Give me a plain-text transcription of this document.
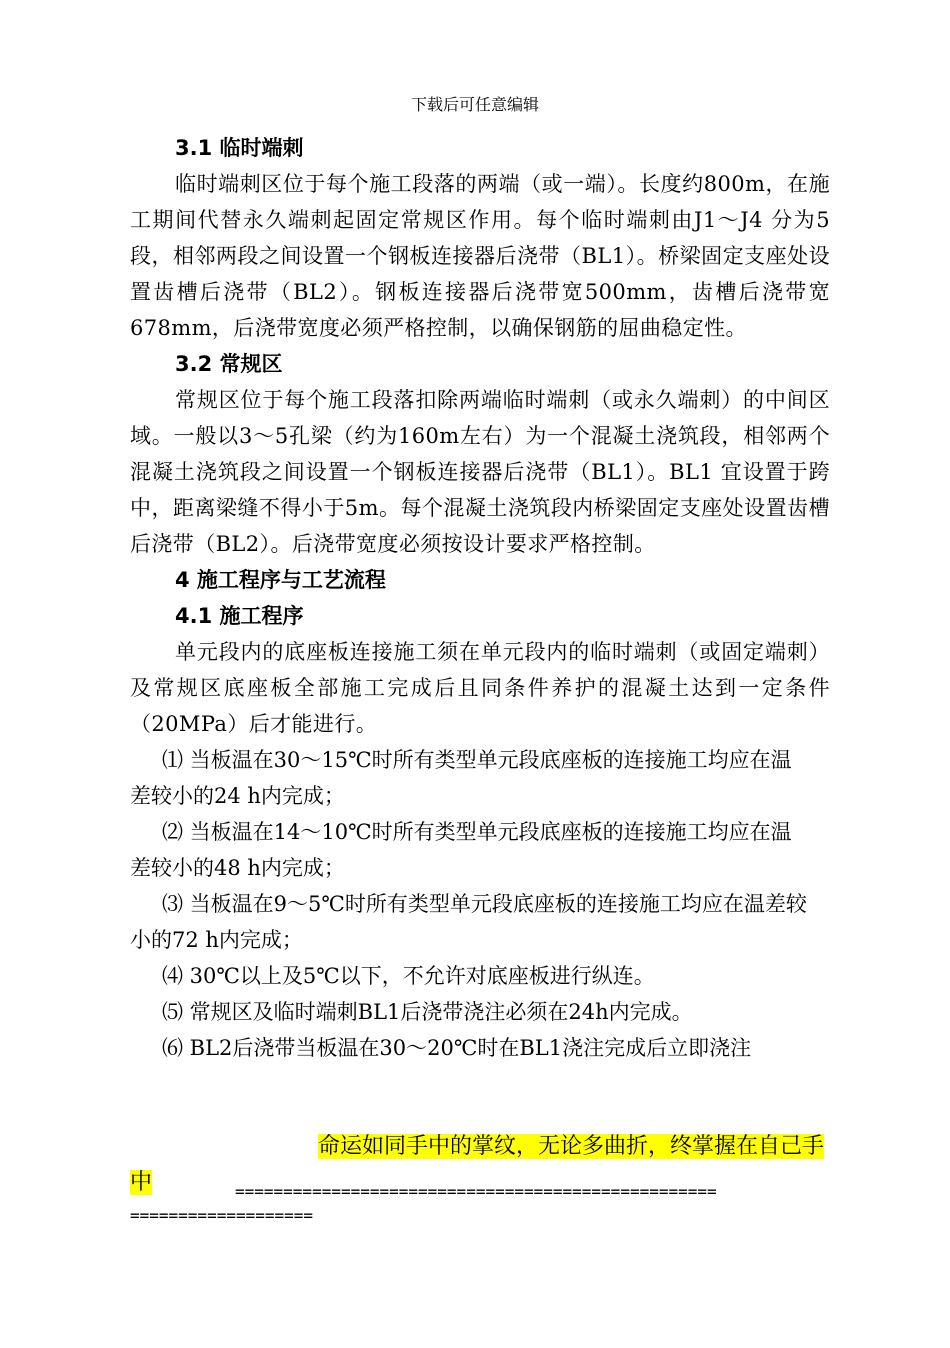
下载后可任意编辑

3.1 临时端刺

临时端刺区位于每个施工段落的两端（或一端）。长度约800m，在施工期间代替永久端刺起固定常规区作用。每个临时端刺由J1～J4 分为5段，相邻两段之间设置一个钢板连接器后浇带（BL1）。桥梁固定支座处设置齿槽后浇带（BL2）。钢板连接器后浇带宽500mm，齿槽后浇带宽678mm，后浇带宽度必须严格控制，以确保钢筋的屈曲稳定性。

3.2 常规区

常规区位于每个施工段落扣除两端临时端刺（或永久端刺）的中间区域。一般以3～5孔梁（约为160m左右）为一个混凝土浇筑段，相邻两个混凝土浇筑段之间设置一个钢板连接器后浇带（BL1）。BL1 宜设置于跨中，距离梁缝不得小于5m。每个混凝土浇筑段内桥梁固定支座处设置齿槽后浇带（BL2）。后浇带宽度必须按设计要求严格控制。

4 施工程序与工艺流程

4.1 施工程序

单元段内的底座板连接施工须在单元段内的临时端刺（或固定端刺）及常规区底座板全部施工完成后且同条件养护的混凝土达到一定条件（20MPa）后才能进行。

⑴ 当板温在30～15℃时所有类型单元段底座板的连接施工均应在温差较小的24 h内完成；

⑵ 当板温在14～10℃时所有类型单元段底座板的连接施工均应在温差较小的48 h内完成；

⑶ 当板温在9～5℃时所有类型单元段底座板的连接施工均应在温差较小的72 h内完成；

⑷ 30℃以上及5℃以下，不允许对底座板进行纵连。

⑸ 常规区及临时端刺BL1后浇带浇注必须在24h内完成。

⑹ BL2后浇带当板温在30～20℃时在BL1浇注完成后立即浇注

命运如同手中的掌纹，无论多曲折，终掌握在自己手中	==================================================
===================
